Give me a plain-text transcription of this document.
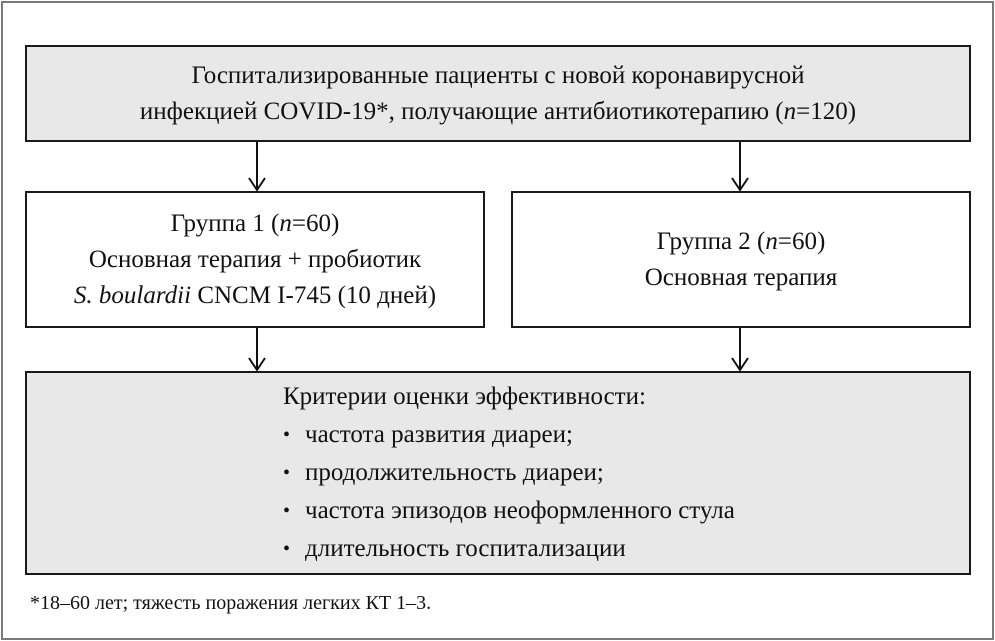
Госпитализированные пациенты с новой коронавирусной
инфекцией COVID-19*, получающие антибиотикотерапию (n=120)
Группа 1 (n=60)
Основная терапия + пробиотик
S. boulardii CNCM I-745 (10 дней)
Группа 2 (n=60)
Основная терапия
Критерии оценки эффективности:
• частота развития диареи;
• продолжительность диареи;
• частота эпизодов неоформленного стула
• длительность госпитализации
*18–60 лет; тяжесть поражения легких КТ 1–3.
